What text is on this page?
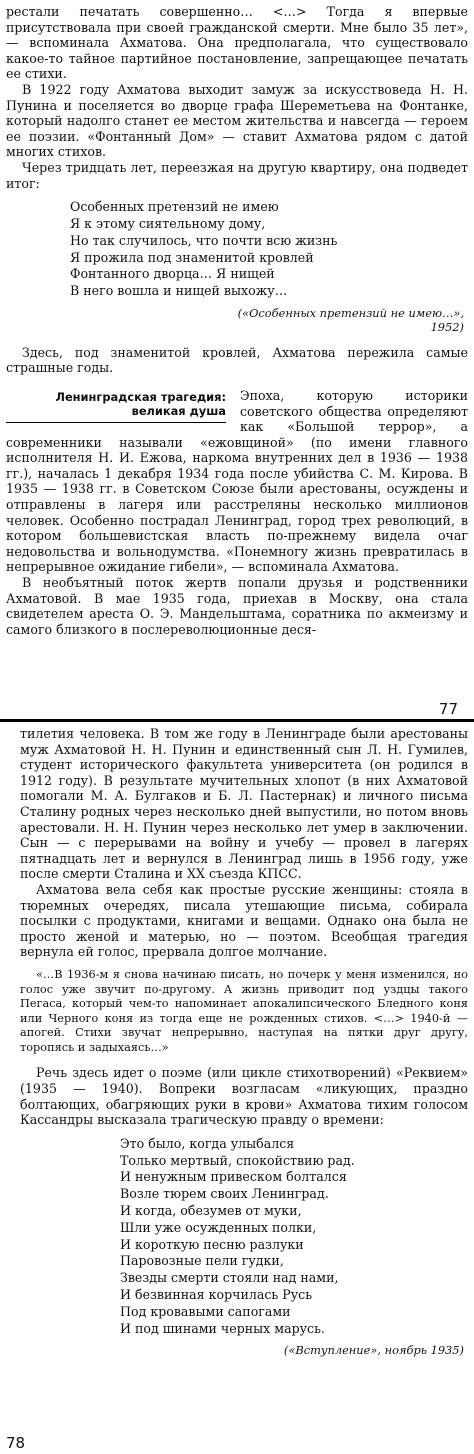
рестали печатать совершенно… <…> Тогда я впервые присутствовала при своей гражданской смерти. Мне было 35 лет», — вспоминала Ахматова. Она предполагала, что существовало какое-то тайное партийное постановление, запрещающее печатать ее стихи.

В 1922 году Ахматова выходит замуж за искусствоведа Н. Н. Пунина и поселяется во дворце графа Шереметьева на Фонтанке, который надолго станет ее местом жительства и навсегда — героем ее поэзии. «Фонтанный Дом» — ставит Ахматова рядом с датой многих стихов.

Через тридцать лет, переезжая на другую квартиру, она подведет итог:

Особенных претензий не имею
Я к этому сиятельному дому,
Но так случилось, что почти всю жизнь
Я прожила под знаменитой кровлей
Фонтанного дворца… Я нищей
В него вошла и нищей выхожу…
(«Особенных претензий не имею…»,
1952)

Здесь, под знаменитой кровлей, Ахматова пережила самые страшные годы.

Ленинградская трагедия:
великая душа

Эпоха, которую историки советского общества определяют как «Большой террор», а современники называли «ежовщиной» (по имени главного исполнителя Н. И. Ежова, наркома внутренних дел в 1936 — 1938 гг.), началась 1 декабря 1934 года после убийства С. М. Кирова. В 1935 — 1938 гг. в Советском Союзе были арестованы, осуждены и отправлены в лагеря или расстреляны несколько миллионов человек. Особенно пострадал Ленинград, город трех революций, в котором большевистская власть по-прежнему видела очаг недовольства и вольнодумства. «Понемногу жизнь превратилась в непрерывное ожидание гибели», — вспоминала Ахматова.

В необъятный поток жертв попали друзья и родственники Ахматовой. В мае 1935 года, приехав в Москву, она стала свидетелем ареста О. Э. Мандельштама, соратника по акмеизму и самого близкого в послереволюционные деся-

77

тилетия человека. В том же году в Ленинграде были арестованы муж Ахматовой Н. Н. Пунин и единственный сын Л. Н. Гумилев, студент исторического факультета университета (он родился в 1912 году). В результате мучительных хлопот (в них Ахматовой помогали М. А. Булгаков и Б. Л. Пастернак) и личного письма Сталину родных через несколько дней выпустили, но потом вновь арестовали. Н. Н. Пунин через несколько лет умер в заключении. Сын — с перерывами на войну и учебу — провел в лагерях пятнадцать лет и вернулся в Ленинград лишь в 1956 году, уже после смерти Сталина и XX съезда КПСС.

Ахматова вела себя как простые русские женщины: стояла в тюремных очередях, писала утешающие письма, собирала посылки с продуктами, книгами и вещами. Однако она была не просто женой и матерью, но — поэтом. Всеобщая трагедия вернула ей голос, прервала долгое молчание.

«…В 1936-м я снова начинаю писать, но почерк у меня изменился, но голос уже звучит по-другому. А жизнь приводит под уздцы такого Пегаса, который чем-то напоминает апокалипсического Бледного коня или Черного коня из тогда еще не рожденных стихов. <…> 1940-й — апогей. Стихи звучат непрерывно, наступая на пятки друг другу, торопясь и задыхаясь…»

Речь здесь идет о поэме (или цикле стихотворений) «Реквием» (1935 — 1940). Вопреки возгласам «ликующих, праздно болтающих, обагряющих руки в крови» Ахматова тихим голосом Кассандры высказала трагическую правду о времени:

Это было, когда улыбался
Только мертвый, спокойствию рад.
И ненужным привеском болтался
Возле тюрем своих Ленинград.
И когда, обезумев от муки,
Шли уже осужденных полки,
И короткую песню разлуки
Паровозные пели гудки,
Звезды смерти стояли над нами,
И безвинная корчилась Русь
Под кровавыми сапогами
И под шинами черных марусь.
(«Вступление», ноябрь 1935)
78
